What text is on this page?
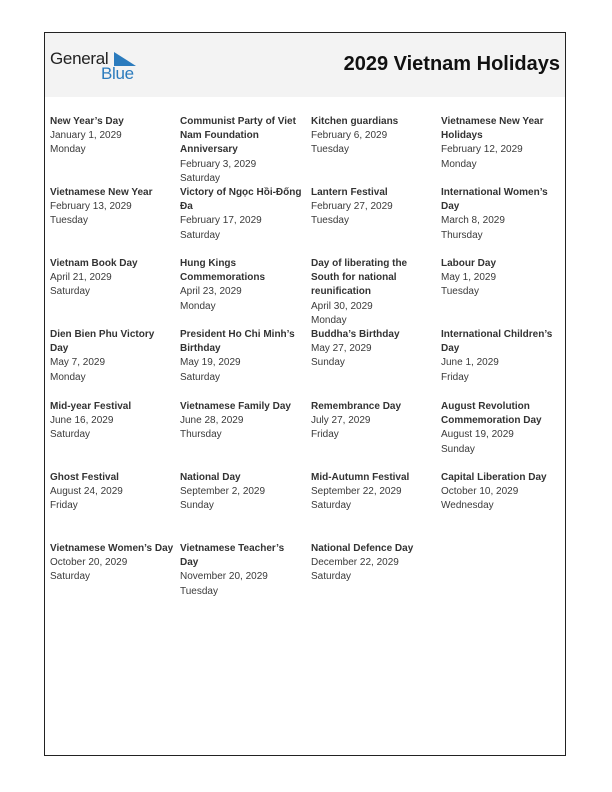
General
Blue	2029 Vietnam Holidays
New Year’s Day
January 1, 2029
Monday
Communist Party of Viet Nam Foundation Anniversary
February 3, 2029
Saturday
Kitchen guardians
February 6, 2029
Tuesday
Vietnamese New Year Holidays
February 12, 2029
Monday
Vietnamese New Year
February 13, 2029
Tuesday
Victory of Ngọc Hồi-Đống Đa
February 17, 2029
Saturday
Lantern Festival
February 27, 2029
Tuesday
International Women’s Day
March 8, 2029
Thursday
Vietnam Book Day
April 21, 2029
Saturday
Hung Kings Commemorations
April 23, 2029
Monday
Day of liberating the South for national reunification
April 30, 2029
Monday
Labour Day
May 1, 2029
Tuesday
Dien Bien Phu Victory Day
May 7, 2029
Monday
President Ho Chi Minh’s Birthday
May 19, 2029
Saturday
Buddha’s Birthday
May 27, 2029
Sunday
International Children’s Day
June 1, 2029
Friday
Mid-year Festival
June 16, 2029
Saturday
Vietnamese Family Day
June 28, 2029
Thursday
Remembrance Day
July 27, 2029
Friday
August Revolution Commemoration Day
August 19, 2029
Sunday
Ghost Festival
August 24, 2029
Friday
National Day
September 2, 2029
Sunday
Mid-Autumn Festival
September 22, 2029
Saturday
Capital Liberation Day
October 10, 2029
Wednesday
Vietnamese Women’s Day
October 20, 2029
Saturday
Vietnamese Teacher’s Day
November 20, 2029
Tuesday
National Defence Day
December 22, 2029
Saturday
